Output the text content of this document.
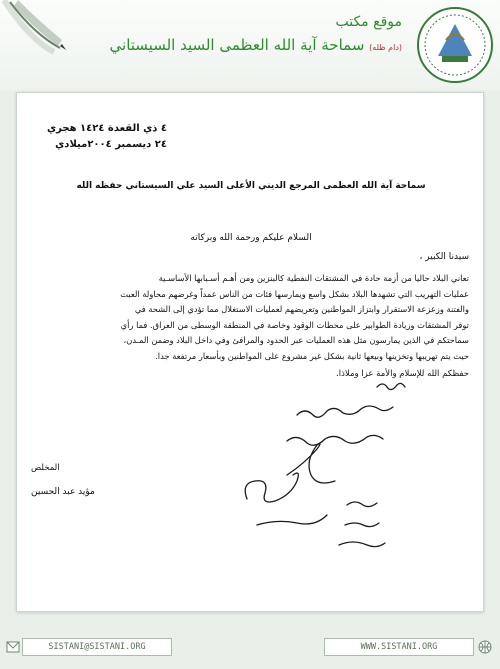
موقع مكتب
(دام ظله) سماحة آية الله العظمى السيد السيستاني
٤ ذي القعدة ١٤٢٤ هجري
٢٤ ديسمبر ٢٠٠٤ميلادي
سماحة آية الله العظمى المرجع الديني الأعلى السيد علي السيستاني حفظه الله
السلام عليكم ورحمة الله وبركاته
سيدنا الكبير ،

تعاني البلاد حاليا من أزمة حادة في المشتقات النفطية كالبنزين ومن أهـم أسـبابها الأساسـية

عمليات التهريب التي تشهدها البلاد بشكل واسع ويمارسها فئات من الناس عمداً وغرضهم محاولة العبث

والفتنة وزعزعة الاستقرار وابتزاز المواطنين وتعريضهم لعمليات الاستغلال مما تؤدي إلى الشحة في

توفر المشتقات وزيادة الطوابير على محطات الوقود وخاصة في المنطقة الوسطى من العراق. فما رأي

سماحتكم في الذين يمارسون مثل هذه العمليات عبر الحدود والمرافئ وفي داخل البلاد وضمن المـدن،

حيث يتم تهريبها وتخزينها وبيعها ثانية بشكل غير مشروع على المواطنين وبأسعار مرتفعة جدا.

حفظكم الله للإسلام والأمة عزا وملاذا.
المخلص
مؤيد عبد الحسين
SISTANI@SISTANI.ORG	WWW.SISTANI.ORG
